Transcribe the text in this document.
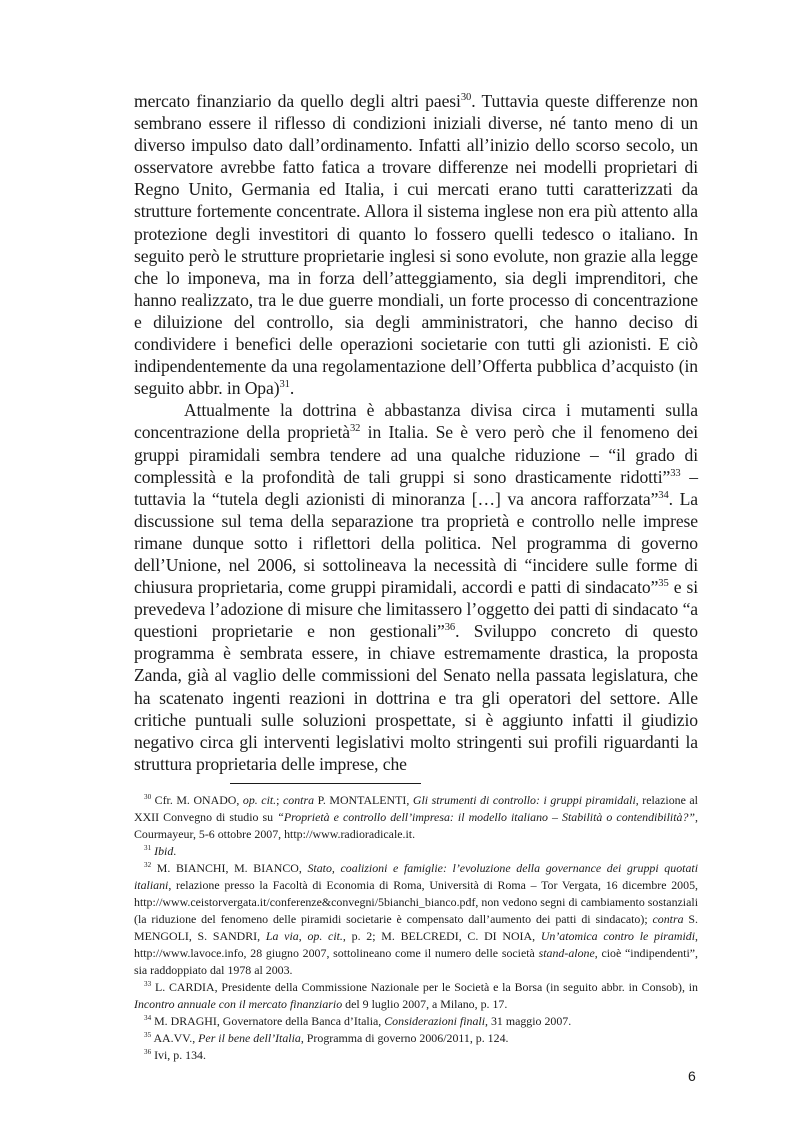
mercato finanziario da quello degli altri paesi$^{30}$. Tuttavia queste differenze non sembrano essere il riflesso di condizioni iniziali diverse, né tanto meno di un diverso impulso dato dall’ordinamento. Infatti all’inizio dello scorso secolo, un osservatore avrebbe fatto fatica a trovare differenze nei modelli proprietari di Regno Unito, Germania ed Italia, i cui mercati erano tutti caratterizzati da strutture fortemente concentrate. Allora il sistema inglese non era più attento alla protezione degli investitori di quanto lo fossero quelli tedesco o italiano. In seguito però le strutture proprietarie inglesi si sono evolute, non grazie alla legge che lo imponeva, ma in forza dell’atteggiamento, sia degli imprenditori, che hanno realizzato, tra le due guerre mondiali, un forte processo di concentrazione e diluizione del controllo, sia degli amministratori, che hanno deciso di condividere i benefici delle operazioni societarie con tutti gli azionisti. E ciò indipendentemente da una regolamentazione dell’Offerta pubblica d’acquisto (in seguito abbr. in Opa)$^{31}$.

Attualmente la dottrina è abbastanza divisa circa i mutamenti sulla concentrazione della proprietà$^{32}$ in Italia. Se è vero però che il fenomeno dei gruppi piramidali sembra tendere ad una qualche riduzione – “il grado di complessità e la profondità de tali gruppi si sono drasticamente ridotti”$^{33}$ – tuttavia la “tutela degli azionisti di minoranza […] va ancora rafforzata”$^{34}$. La discussione sul tema della separazione tra proprietà e controllo nelle imprese rimane dunque sotto i riflettori della politica. Nel programma di governo dell’Unione, nel 2006, si sottolineava la necessità di “incidere sulle forme di chiusura proprietaria, come gruppi piramidali, accordi e patti di sindacato”$^{35}$ e si prevedeva l’adozione di misure che limitassero l’oggetto dei patti di sindacato “a questioni proprietarie e non gestionali”$^{36}$. Sviluppo concreto di questo programma è sembrata essere, in chiave estremamente drastica, la proposta Zanda, già al vaglio delle commissioni del Senato nella passata legislatura, che ha scatenato ingenti reazioni in dottrina e tra gli operatori del settore. Alle critiche puntuali sulle soluzioni prospettate, si è aggiunto infatti il giudizio negativo circa gli interventi legislativi molto stringenti sui profili riguardanti la struttura proprietaria delle imprese, che

$^{30}$ Cfr. M. ONADO, op. cit.; contra P. MONTALENTI, Gli strumenti di controllo: i gruppi piramidali, relazione al XXII Convegno di studio su “Proprietà e controllo dell’impresa: il modello italiano – Stabilità o contendibilità?”, Courmayeur, 5-6 ottobre 2007, http://www.radioradicale.it.

$^{31}$ Ibid.

$^{32}$ M. BIANCHI, M. BIANCO, Stato, coalizioni e famiglie: l’evoluzione della governance dei gruppi quotati italiani, relazione presso la Facoltà di Economia di Roma, Università di Roma – Tor Vergata, 16 dicembre 2005, http://www.ceistorvergata.it/conferenze&convegni/5bianchi_bianco.pdf, non vedono segni di cambiamento sostanziali (la riduzione del fenomeno delle piramidi societarie è compensato dall’aumento dei patti di sindacato); contra S. MENGOLI, S. SANDRI, La via, op. cit., p. 2; M. BELCREDI, C. DI NOIA, Un’atomica contro le piramidi, http://www.lavoce.info, 28 giugno 2007, sottolineano come il numero delle società stand-alone, cioè “indipendenti”, sia raddoppiato dal 1978 al 2003.

$^{33}$ L. CARDIA, Presidente della Commissione Nazionale per le Società e la Borsa (in seguito abbr. in Consob), in Incontro annuale con il mercato finanziario del 9 luglio 2007, a Milano, p. 17.

$^{34}$ M. DRAGHI, Governatore della Banca d’Italia, Considerazioni finali, 31 maggio 2007.

$^{35}$ AA.VV., Per il bene dell’Italia, Programma di governo 2006/2011, p. 124.

$^{36}$ Ivi, p. 134.

6
